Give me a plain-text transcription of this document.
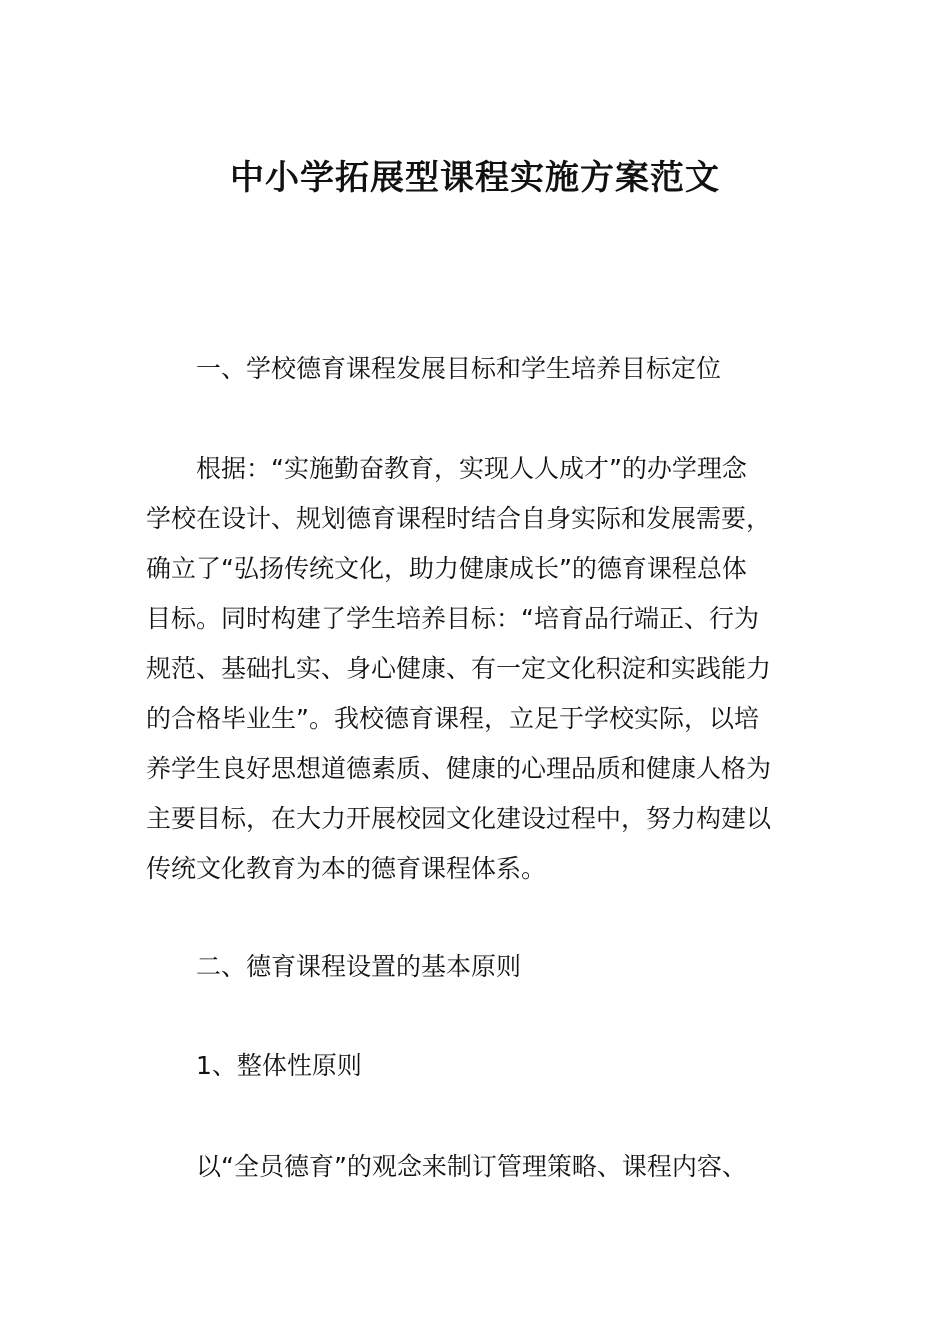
中小学拓展型课程实施方案范文

一、学校德育课程发展目标和学生培养目标定位

根据：“实施勤奋教育，实现人人成才”的办学理念
学校在设计、规划德育课程时结合自身实际和发展需要，
确立了“弘扬传统文化，助力健康成长”的德育课程总体
目标。同时构建了学生培养目标：“培育品行端正、行为
规范、基础扎实、身心健康、有一定文化积淀和实践能力
的合格毕业生”。我校德育课程，立足于学校实际，以培
养学生良好思想道德素质、健康的心理品质和健康人格为
主要目标，在大力开展校园文化建设过程中，努力构建以
传统文化教育为本的德育课程体系。

二、德育课程设置的基本原则

1、整体性原则

以“全员德育”的观念来制订管理策略、课程内容、
